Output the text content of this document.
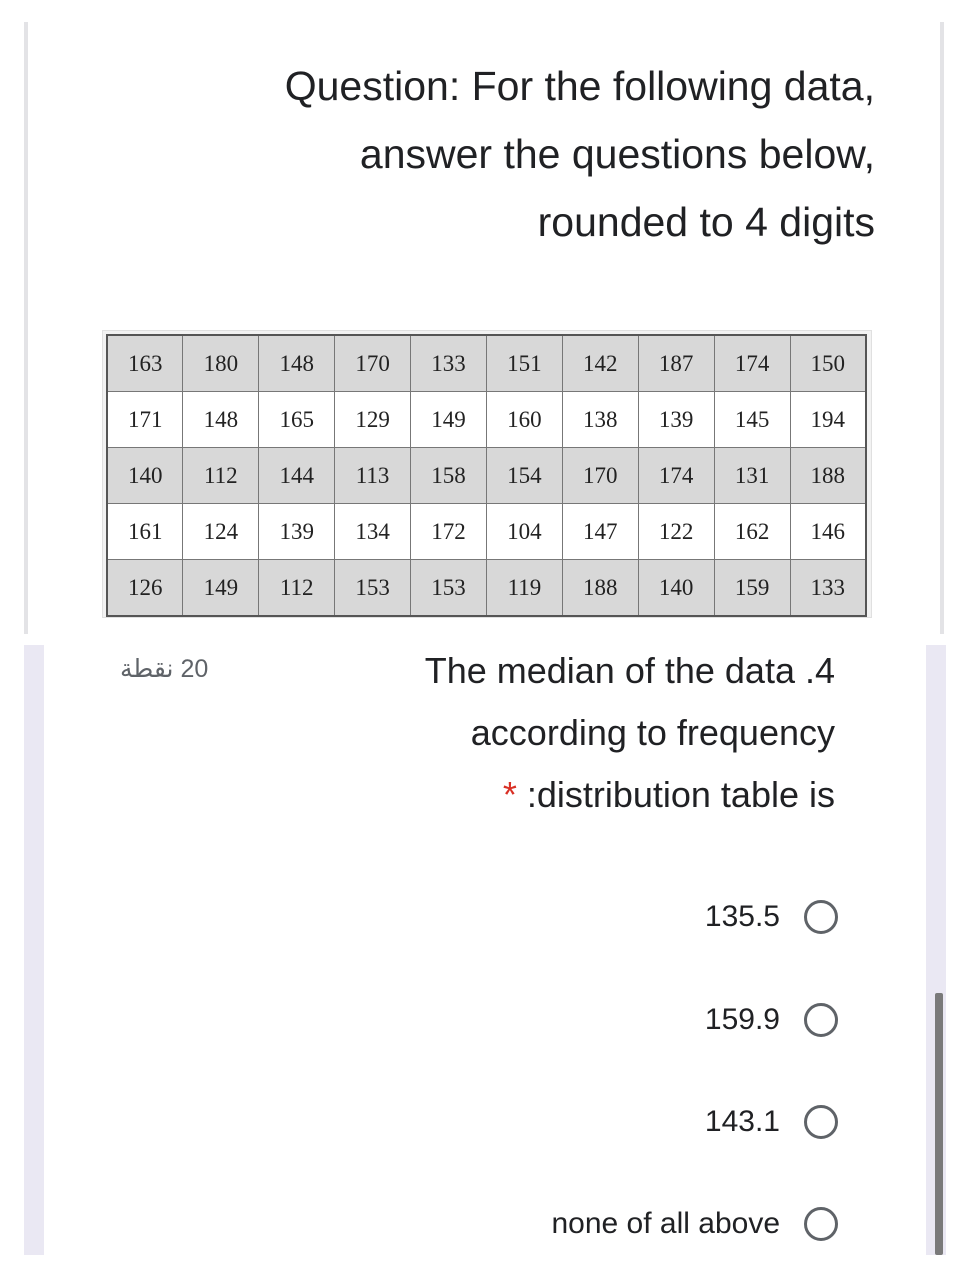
Question: For the following data,
answer the questions below,
rounded to 4 digits
163	180	148	170	133	151	142	187	174	150
171	148	165	129	149	160	138	139	145	194
140	112	144	113	158	154	170	174	131	188
161	124	139	134	172	104	147	122	162	146
126	149	112	153	153	119	188	140	159	133
20 نقطة	The median of the data .4
according to frequency
* :distribution table is
135.5
159.9
143.1
none of all above
